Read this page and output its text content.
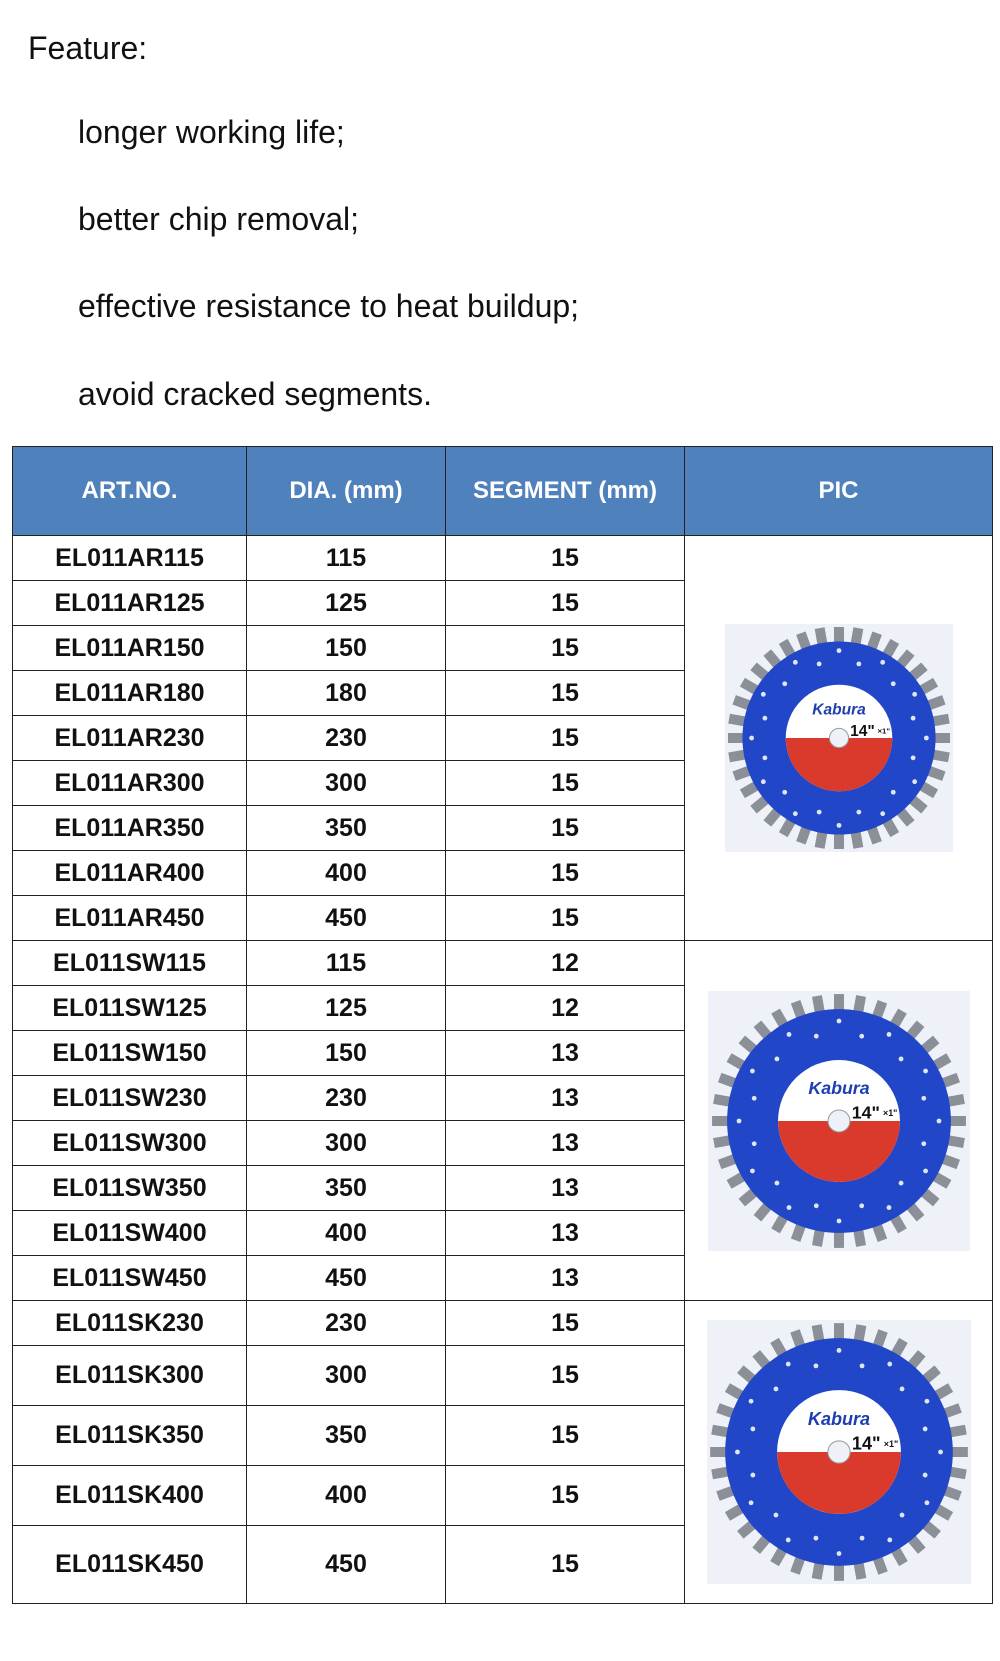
Feature:
longer working life;
better chip removal;
effective resistance to heat buildup;
avoid cracked segments.
ART.NO.	DIA. (mm)	SEGMENT (mm)	PIC
EL011AR115	115	15	Kabura
14" ×1"

EL011AR125	125	15	
EL011AR150	150	15	
EL011AR180	180	15	
EL011AR230	230	15	
EL011AR300	300	15	
EL011AR350	350	15	
EL011AR400	400	15	
EL011AR450	450	15	
EL011SW115	115	12	Kabura
14" ×1"

EL011SW125	125	12	
EL011SW150	150	13	
EL011SW230	230	13	
EL011SW300	300	13	
EL011SW350	350	13	
EL011SW400	400	13	
EL011SW450	450	13	
EL011SK230	230	15	Kabura
14" ×1"

EL011SK300	300	15	
EL011SK350	350	15	
EL011SK400	400	15	
EL011SK450	450	15	
